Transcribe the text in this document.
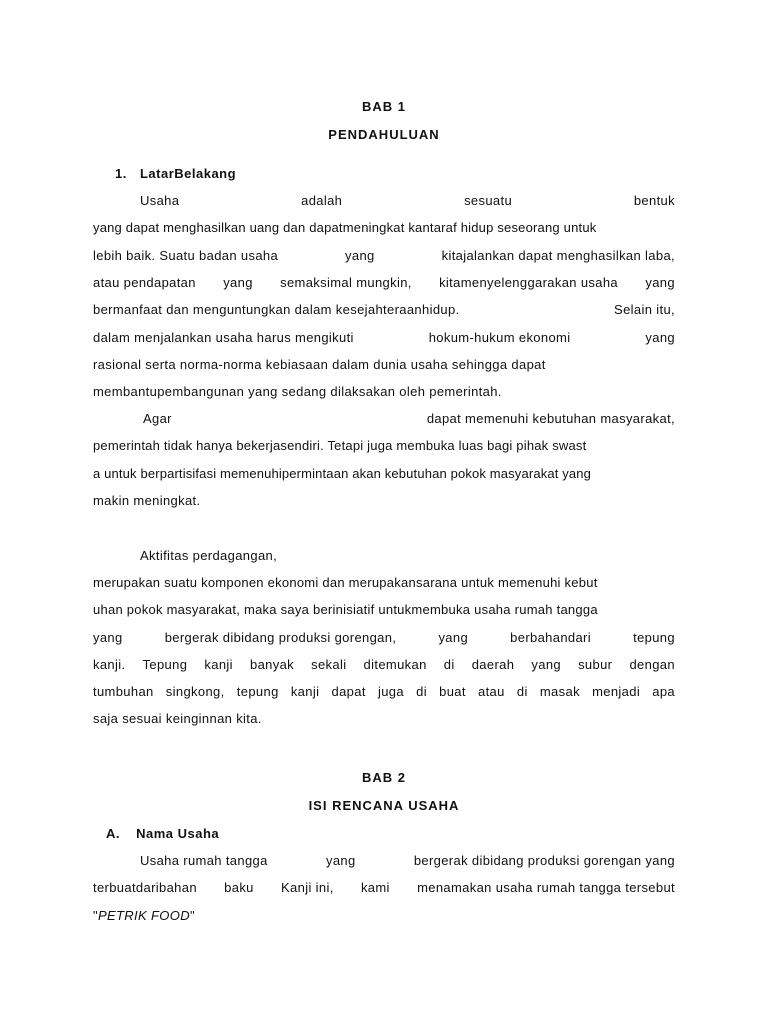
BAB 1
PENDAHULUAN
1. LatarBelakang
Usaha	adalah	sesuatu	bentuk
yang dapat menghasilkan uang dan dapatmeningkat kantaraf hidup seseorang untuk
lebih baik. Suatu badan usaha	yang	kitajalankan dapat menghasilkan laba,
atau pendapatan yang semaksimal mungkin, kitamenyelenggarakan usaha yang
bermanfaat dan menguntungkan dalam kesejahteraanhidup.	Selain itu,
dalam menjalankan usaha harus mengikuti	hokum-hukum ekonomi	yang
rasional serta norma-norma kebiasaan dalam dunia usaha sehingga dapat
membantupembangunan yang sedang dilaksakan oleh pemerintah.
Agar	dapat memenuhi kebutuhan masyarakat,
pemerintah tidak hanya bekerjasendiri. Tetapi juga membuka luas bagi pihak swast
a untuk berpartisifasi memenuhipermintaan akan kebutuhan pokok masyarakat yang
makin meningkat.
Aktifitas perdagangan,
merupakan suatu komponen ekonomi dan merupakansarana untuk memenuhi kebut
uhan pokok masyarakat, maka saya berinisiatif untukmembuka usaha rumah tangga
yang	bergerak dibidang produksi gorengan,	yang	berbahandari	tepung
kanji. Tepung kanji banyak sekali ditemukan di daerah yang subur dengan
tumbuhan singkong, tepung kanji dapat juga di buat atau di masak menjadi apa
saja sesuai keinginnan kita.
BAB 2
ISI RENCANA USAHA
A. Nama Usaha
Usaha rumah tangga	yang	bergerak dibidang produksi gorengan yang
terbuatdaribahan baku Kanji ini, kami menamakan usaha rumah tangga tersebut
"PETRIK FOOD"
